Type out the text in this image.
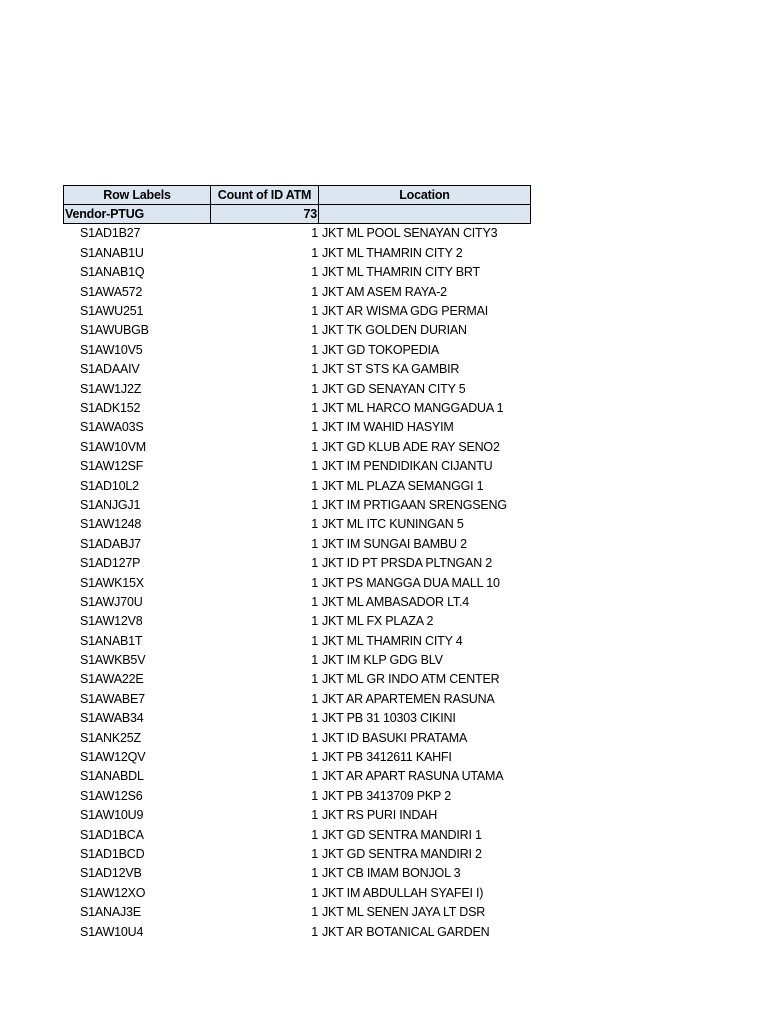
Row Labels	Count of ID ATM	Location
Vendor-PTUG	73
S1AD1B27	1 JKT ML POOL SENAYAN CITY3
S1ANAB1U	1 JKT ML THAMRIN CITY 2
S1ANAB1Q	1 JKT ML THAMRIN CITY BRT
S1AWA572	1 JKT AM ASEM RAYA-2
S1AWU251	1 JKT AR WISMA GDG PERMAI
S1AWUBGB	1 JKT TK GOLDEN DURIAN
S1AW10V5	1 JKT GD TOKOPEDIA
S1ADAAIV	1 JKT ST STS KA GAMBIR
S1AW1J2Z	1 JKT GD SENAYAN CITY 5
S1ADK152	1 JKT ML HARCO MANGGADUA 1
S1AWA03S	1 JKT IM WAHID HASYIM
S1AW10VM	1 JKT GD KLUB ADE RAY SENO2
S1AW12SF	1 JKT IM PENDIDIKAN CIJANTU
S1AD10L2	1 JKT ML PLAZA SEMANGGI 1
S1ANJGJ1	1 JKT IM PRTIGAAN SRENGSENG
S1AW1248	1 JKT ML ITC KUNINGAN 5
S1ADABJ7	1 JKT IM SUNGAI BAMBU 2
S1AD127P	1 JKT ID PT PRSDA PLTNGAN 2
S1AWK15X	1 JKT PS MANGGA DUA MALL 10
S1AWJ70U	1 JKT ML AMBASADOR LT.4
S1AW12V8	1 JKT ML FX PLAZA 2
S1ANAB1T	1 JKT ML THAMRIN CITY 4
S1AWKB5V	1 JKT IM KLP GDG BLV
S1AWA22E	1 JKT ML GR INDO ATM CENTER
S1AWABE7	1 JKT AR APARTEMEN RASUNA
S1AWAB34	1 JKT PB 31 10303 CIKINI
S1ANK25Z	1 JKT ID BASUKI PRATAMA
S1AW12QV	1 JKT PB 3412611 KAHFI
S1ANABDL	1 JKT AR APART RASUNA UTAMA
S1AW12S6	1 JKT PB 3413709 PKP 2
S1AW10U9	1 JKT RS PURI INDAH
S1AD1BCA	1 JKT GD SENTRA MANDIRI 1
S1AD1BCD	1 JKT GD SENTRA MANDIRI 2
S1AD12VB	1 JKT CB IMAM BONJOL 3
S1AW12XO	1 JKT IM ABDULLAH SYAFEI I)
S1ANAJ3E	1 JKT ML SENEN JAYA LT DSR
S1AW10U4	1 JKT AR BOTANICAL GARDEN
